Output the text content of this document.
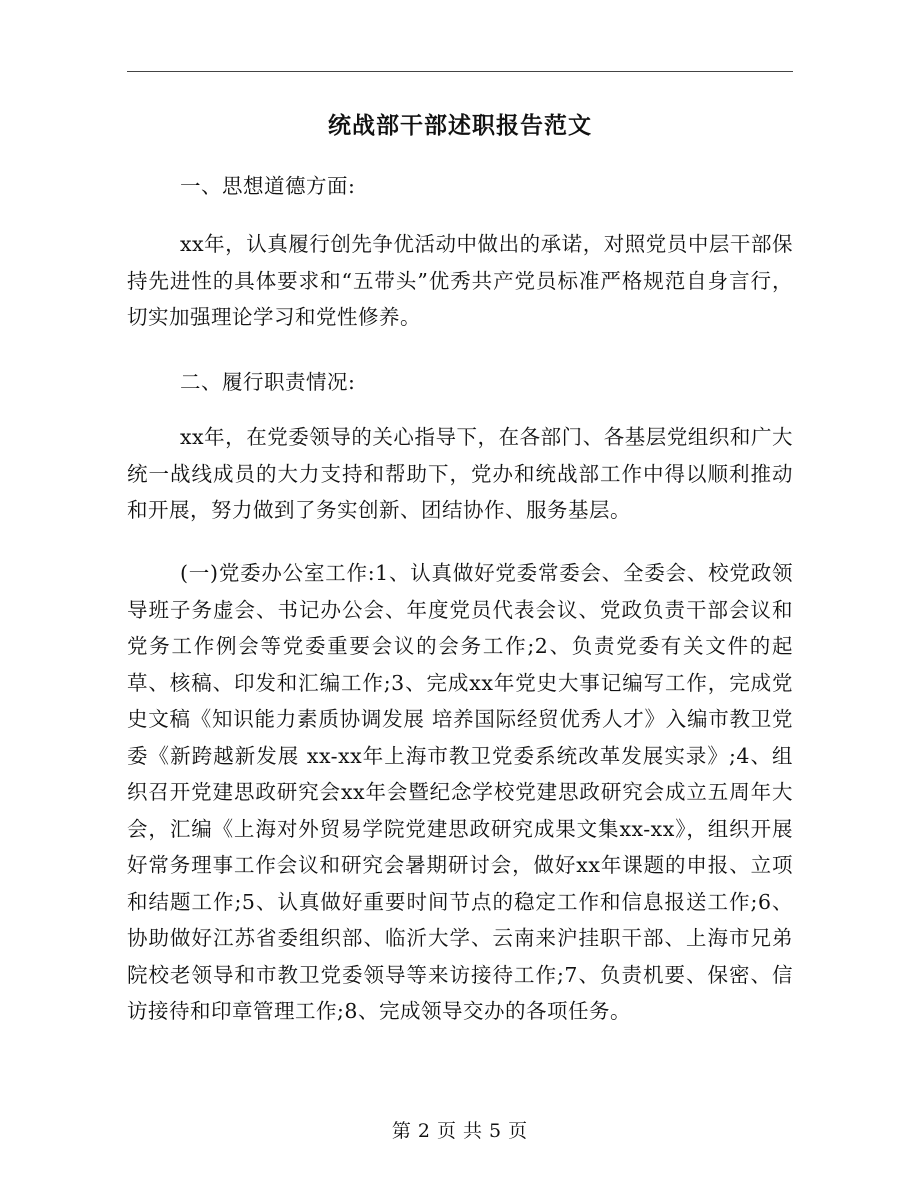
统战部干部述职报告范文

一、思想道德方面:

xx年，认真履行创先争优活动中做出的承诺，对照党员中层干部保持先进性的具体要求和“五带头”优秀共产党员标准严格规范自身言行，切实加强理论学习和党性修养。

二、履行职责情况:

xx年，在党委领导的关心指导下，在各部门、各基层党组织和广大统一战线成员的大力支持和帮助下，党办和统战部工作中得以顺利推动和开展，努力做到了务实创新、团结协作、服务基层。

(一)党委办公室工作:1、认真做好党委常委会、全委会、校党政领导班子务虚会、书记办公会、年度党员代表会议、党政负责干部会议和党务工作例会等党委重要会议的会务工作;2、负责党委有关文件的起草、核稿、印发和汇编工作;3、完成xx年党史大事记编写工作，完成党史文稿《知识能力素质协调发展 培养国际经贸优秀人才》入编市教卫党委《新跨越新发展 xx-xx年上海市教卫党委系统改革发展实录》;4、组织召开党建思政研究会xx年会暨纪念学校党建思政研究会成立五周年大会，汇编《上海对外贸易学院党建思政研究成果文集xx-xx》，组织开展好常务理事工作会议和研究会暑期研讨会，做好xx年课题的申报、立项和结题工作;5、认真做好重要时间节点的稳定工作和信息报送工作;6、协助做好江苏省委组织部、临沂大学、云南来沪挂职干部、上海市兄弟院校老领导和市教卫党委领导等来访接待工作;7、负责机要、保密、信访接待和印章管理工作;8、完成领导交办的各项任务。

第 2 页 共 5 页
